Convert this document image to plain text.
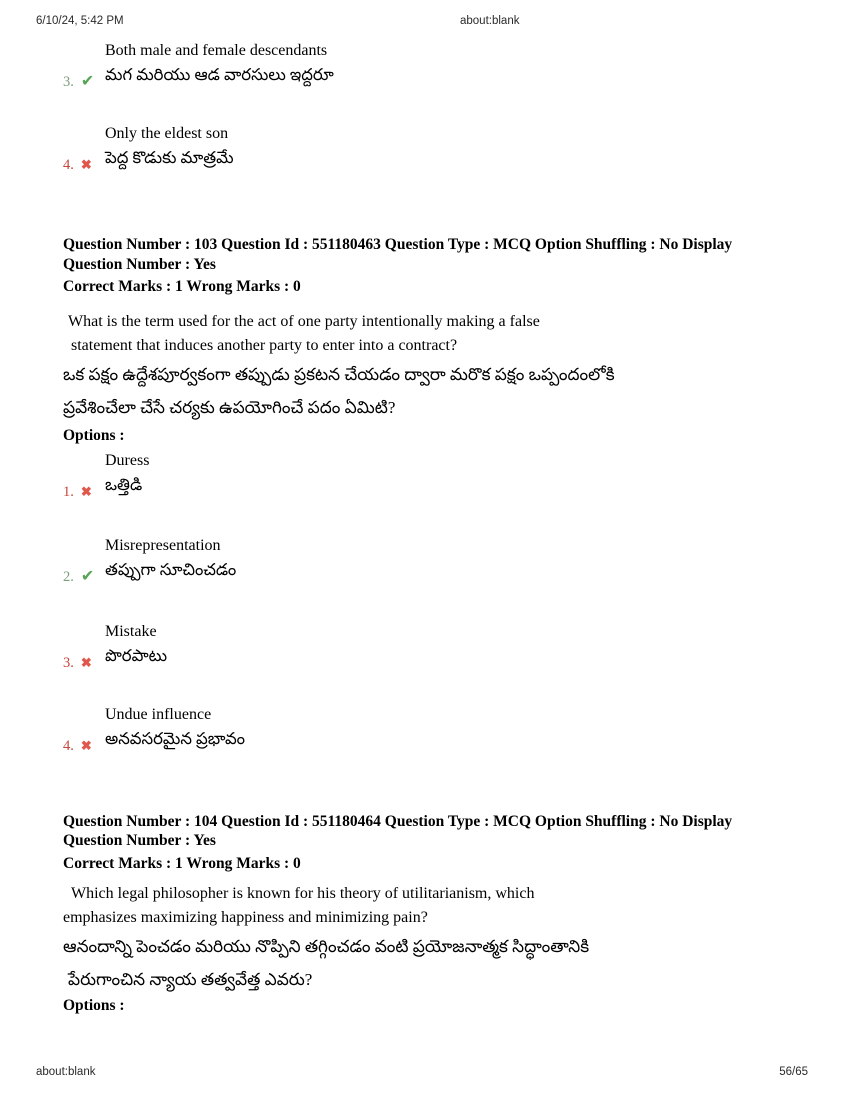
6/10/24, 5:42 PM	about:blank
3. ✔
Both male and female descendants
మగ మరియు ఆడ వారసులు ఇద్దరూ
4. ✖
Only the eldest son
పెద్ద కొడుకు మాత్రమే
Question Number : 103 Question Id : 551180463 Question Type : MCQ Option Shuffling : No Display
Question Number : Yes
Correct Marks : 1 Wrong Marks : 0
What is the term used for the act of one party intentionally making a false
statement that induces another party to enter into a contract?
ఒక పక్షం ఉద్దేశపూర్వకంగా తప్పుడు ప్రకటన చేయడం ద్వారా మరొక పక్షం ఒప్పందంలోకి
ప్రవేశించేలా చేసే చర్యకు ఉపయోగించే పదం ఏమిటి?
Options :
1. ✖
Duress
ఒత్తిడి
2. ✔
Misrepresentation
తప్పుగా సూచించడం
3. ✖
Mistake
పొరపాటు
4. ✖
Undue influence
అనవసరమైన ప్రభావం
Question Number : 104 Question Id : 551180464 Question Type : MCQ Option Shuffling : No Display
Question Number : Yes
Correct Marks : 1 Wrong Marks : 0
Which legal philosopher is known for his theory of utilitarianism, which
emphasizes maximizing happiness and minimizing pain?
ఆనందాన్ని పెంచడం మరియు నొప్పిని తగ్గించడం వంటి ప్రయోజనాత్మక సిద్ధాంతానికి
పేరుగాంచిన న్యాయ తత్వవేత్త ఎవరు?
Options :
about:blank	56/65
